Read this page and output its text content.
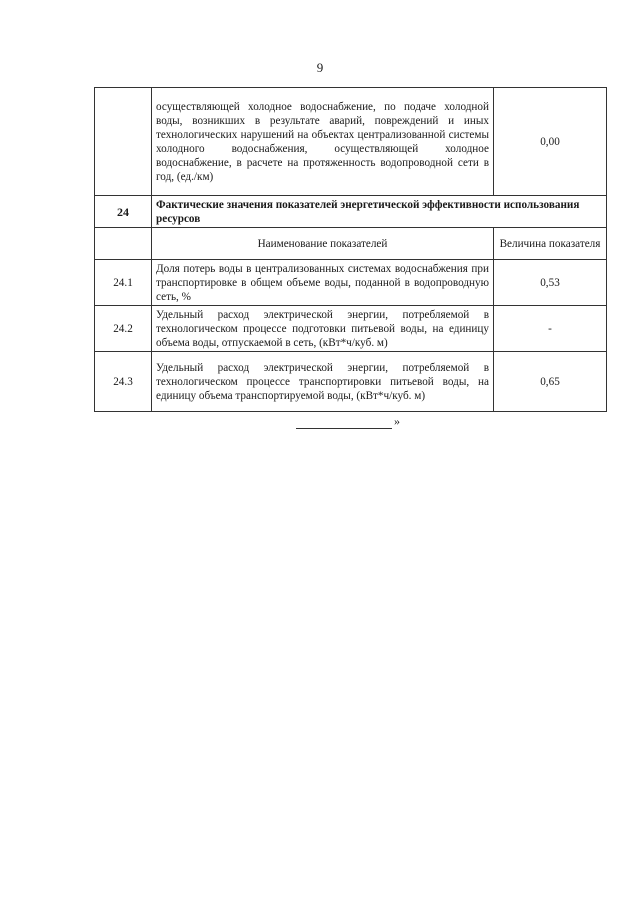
9
	осуществляющей холодное водоснабжение, по подаче холодной воды, возникших в результате аварий, повреждений и иных технологических нарушений на объектах централизованной системы холодного водоснабжения, осуществляющей холодное водоснабжение, в расчете на протяженность водопроводной сети в год, (ед./км)	0,00
24	Фактические значения показателей энергетической эффективности использования ресурсов	
	Наименование показателей	Величина показателя
24.1	Доля потерь воды в централизованных системах водоснабжения при транспортировке в общем объеме воды, поданной в водопроводную сеть, %	0,53
24.2	Удельный расход электрической энергии, потребляемой в технологическом процессе подготовки питьевой воды, на единицу объема воды, отпускаемой в сеть, (кВт*ч/куб. м)	-
24.3	Удельный расход электрической энергии, потребляемой в технологическом процессе транспортировки питьевой воды, на единицу объема транспортируемой воды, (кВт*ч/куб. м)	0,65
»
